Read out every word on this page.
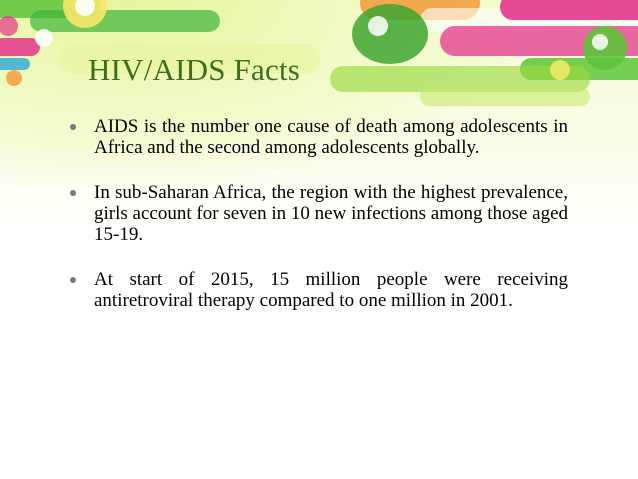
HIV/AIDS Facts
AIDS is the number one cause of death among adolescents in Africa and the second among adolescents globally.
In sub-Saharan Africa, the region with the highest prevalence, girls account for seven in 10 new infections among those aged 15-19.
At start of 2015, 15 million people were receiving antiretroviral therapy compared to one million in 2001.
